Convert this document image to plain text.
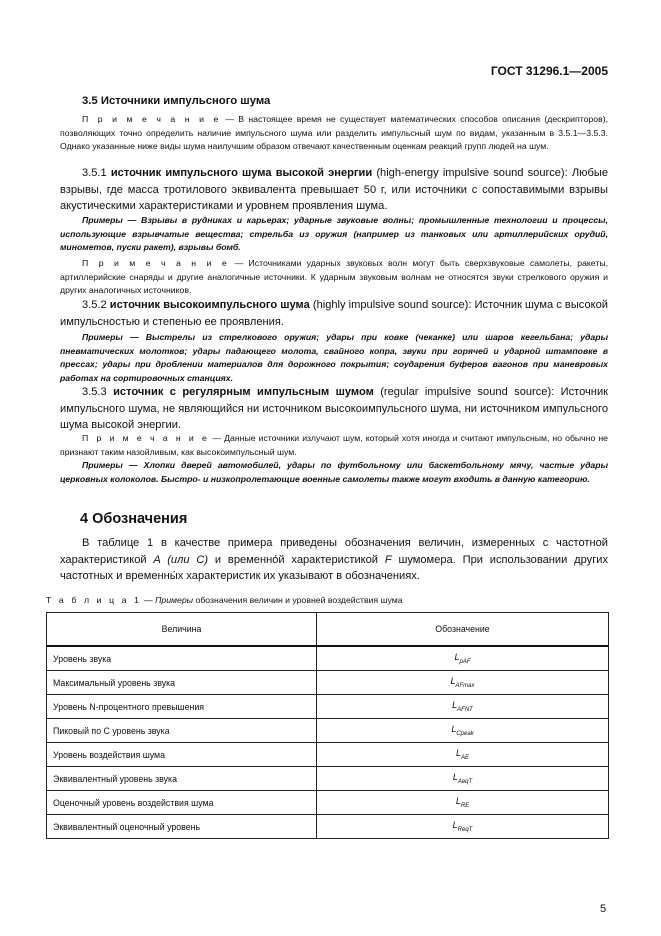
ГОСТ 31296.1—2005
3.5 Источники импульсного шума
П р и м е ч а н и е — В настоящее время не существует математических способов описания (дескрипторов), позволяющих точно определить наличие импульсного шума или разделить импульсный шум по видам, указанным в 3.5.1—3.5.3. Однако указанные ниже виды шума наилучшим образом отвечают качественным оценкам реакций групп людей на шум.
3.5.1 источник импульсного шума высокой энергии (high-energy impulsive sound source): Любые взрывы, где масса тротилового эквивалента превышает 50 г, или источники с сопоставимыми взрывы акустическими характеристиками и уровнем проявления шума.
Примеры — Взрывы в рудниках и карьерах; ударные звуковые волны; промышленные технологии и процессы, использующие взрывчатые вещества; стрельба из оружия (например из танковых или артиллерийских орудий, минометов, пуски ракет), взрывы бомб.
П р и м е ч а н и е — Источниками ударных звуковых волн могут быть сверхзвуковые самолеты, ракеты, артиллерийские снаряды и другие аналогичные источники. К ударным звуковым волнам не относятся звуки стрелкового оружия и других аналогичных источников.
3.5.2 источник высокоимпульсного шума (highly impulsive sound source): Источник шума с высокой импульсностью и степенью ее проявления.
Примеры — Выстрелы из стрелкового оружия; удары при ковке (чеканке) или шаров кегельбана; удары пневматических молотков; удары падающего молота, свайного копра, звуки при горячей и ударной штамповке в прессах; удары при дроблении материалов для дорожного покрытия; соударения буферов вагонов при маневровых работах на сортировочных станциях.
3.5.3 источник с регулярным импульсным шумом (regular impulsive sound source): Источник импульсного шума, не являющийся ни источником высокоимпульсного шума, ни источником импульсного шума высокой энергии.
П р и м е ч а н и е — Данные источники излучают шум, который хотя иногда и считают импульсным, но обычно не признают таким назойливым, как высокоимпульсный шум.
Примеры — Хлопки дверей автомобилей, удары по футбольному или баскетбольному мячу, частые удары церковных колоколов. Быстро- и низкопролетающие военные самолеты также могут входить в данную категорию.
4 Обозначения
В таблице 1 в качестве примера приведены обозначения величин, измеренных с частотной характеристикой A (или C) и временно́й характеристикой F шумомера. При использовании других частотных и временны́х характеристик их указывают в обозначениях.
Т а б л и ц а 1 — Примеры обозначения величин и уровней воздействия шума
Величина	Обозначение
Уровень звука	$L_{pAF}$
Максимальный уровень звука	$L_{AFmax}$
Уровень N-процентного превышения	$L_{AFNT}$
Пиковый по C уровень звука	$L_{Cpeak}$
Уровень воздействия шума	$L_{AE}$
Эквивалентный уровень звука	$L_{AeqT}$
Оценочный уровень воздействия шума	$L_{RE}$
Эквивалентный оценочный уровень	$L_{ReqT}$
5
